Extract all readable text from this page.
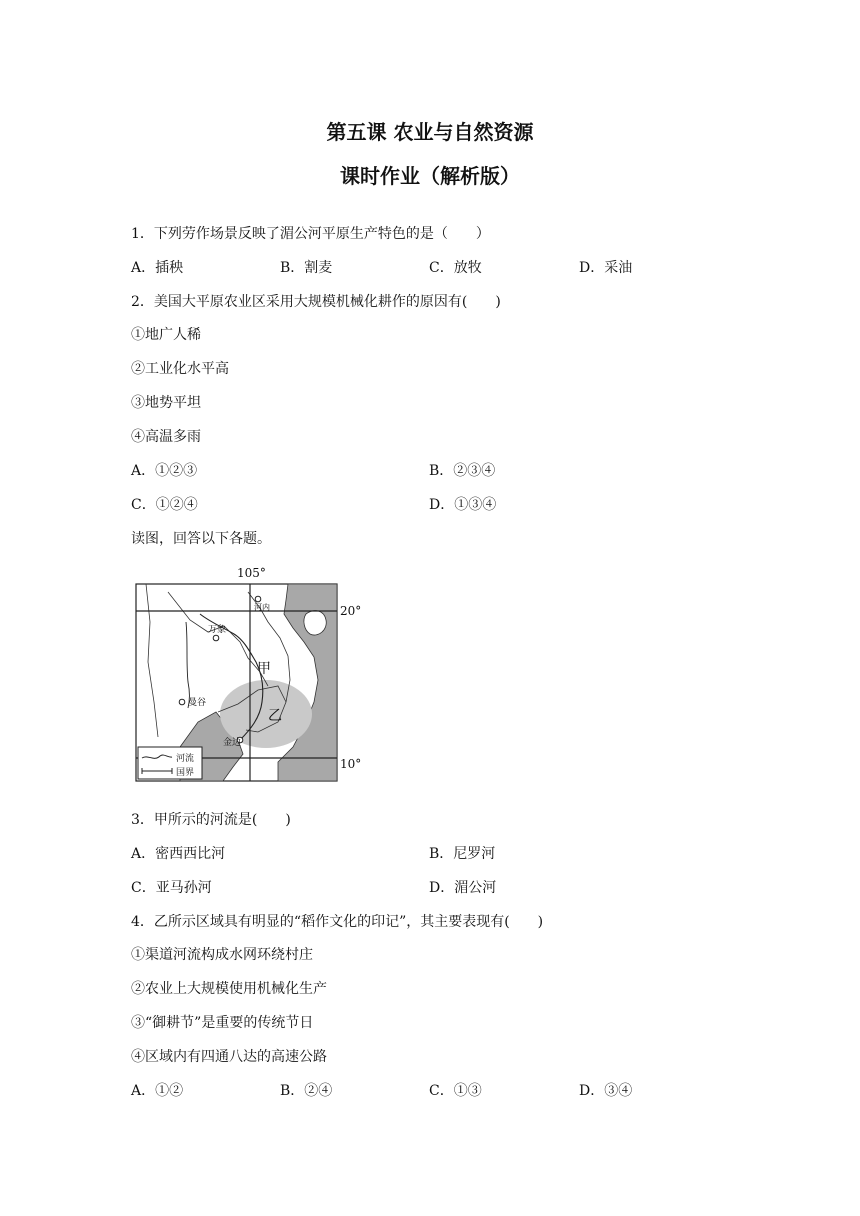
第五课 农业与自然资源
课时作业（解析版）
1．下列劳作场景反映了湄公河平原生产特色的是（　　）
A．插秧	B．割麦	C．放牧	D．采油
2．美国大平原农业区采用大规模机械化耕作的原因有(　　)
①地广人稀
②工业化水平高
③地势平坦
④高温多雨
A．①②③	B．②③④
C．①②④	D．①③④
读图，回答以下各题。
105°
20°
10°
河内
万象
曼谷
金边
甲
乙
河流
国界
3．甲所示的河流是(　　)
A．密西西比河	B．尼罗河
C．亚马孙河	D．湄公河
4．乙所示区域具有明显的“稻作文化的印记”，其主要表现有(　　)
①渠道河流构成水网环绕村庄
②农业上大规模使用机械化生产
③“御耕节”是重要的传统节日
④区域内有四通八达的高速公路
A．①②	B．②④	C．①③	D．③④
